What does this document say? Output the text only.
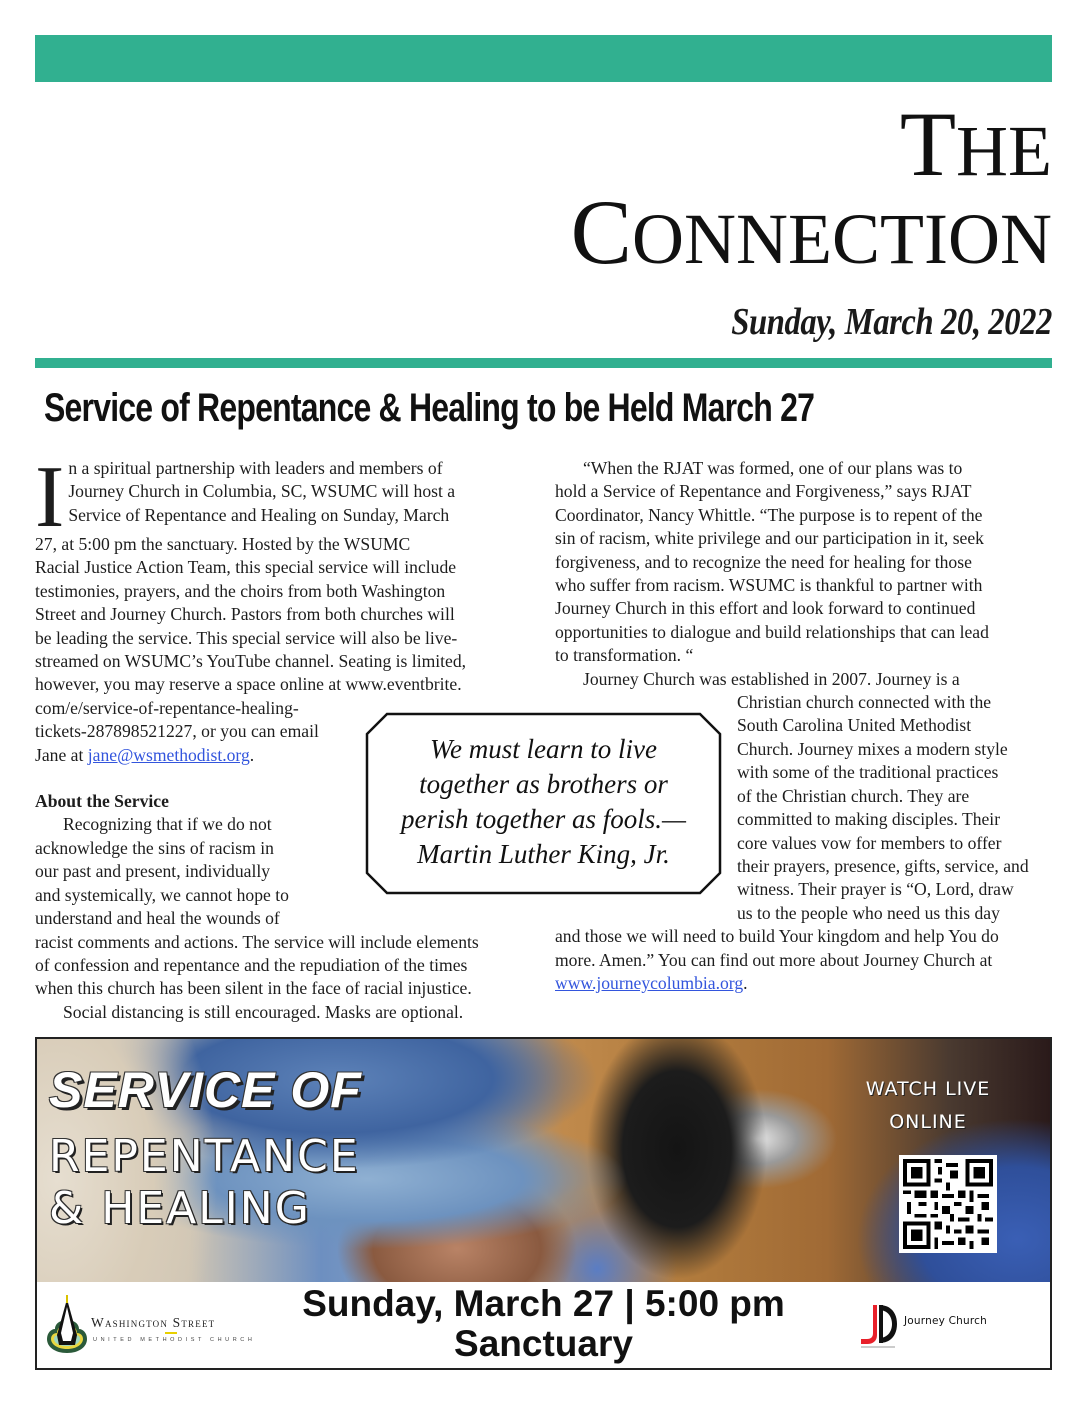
THE
CONNECTION
Sunday, March 20, 2022
Service of Repentance & Healing to be Held March 27
I n a spiritual partnership with leaders and members of
Journey Church in Columbia, SC, WSUMC will host a
Service of Repentance and Healing on Sunday, March
27, at 5:00 pm the sanctuary. Hosted by the WSUMC
Racial Justice Action Team, this special service will include
testimonies, prayers, and the choirs from both Washington
Street and Journey Church. Pastors from both churches will
be leading the service. This special service will also be live-
streamed on WSUMC’s YouTube channel. Seating is limited,
however, you may reserve a space online at www.eventbrite.
com/e/service-of-repentance-healing-
tickets-287898521227, or you can email
Jane at jane@wsmethodist.org.
About the Service
Recognizing that if we do not
acknowledge the sins of racism in
our past and present, individually
and systemically, we cannot hope to
understand and heal the wounds of
racist comments and actions. The service will include elements
of confession and repentance and the repudiation of the times
when this church has been silent in the face of racial injustice.
Social distancing is still encouraged. Masks are optional.
“When the RJAT was formed, one of our plans was to
hold a Service of Repentance and Forgiveness,” says RJAT
Coordinator, Nancy Whittle. “The purpose is to repent of the
sin of racism, white privilege and our participation in it, seek
forgiveness, and to recognize the need for healing for those
who suffer from racism. WSUMC is thankful to partner with
Journey Church in this effort and look forward to continued
opportunities to dialogue and build relationships that can lead
to transformation. “
Journey Church was established in 2007. Journey is a
Christian church connected with the
South Carolina United Methodist
Church. Journey mixes a modern style
with some of the traditional practices
of the Christian church. They are
committed to making disciples. Their
core values vow for members to offer
their prayers, presence, gifts, service, and
witness. Their prayer is “O, Lord, draw
us to the people who need us this day
and those we will need to build Your kingdom and help You do
more. Amen.” You can find out more about Journey Church at
www.journeycolumbia.org.
We must learn to live
together as brothers or
perish together as fools.—
Martin Luther King, Jr.
SERVICE OF
REPENTANCE
& HEALING
WATCH LIVE
ONLINE
Washington Street
UNITED METHODIST CHURCH
Sunday, March 27 | 5:00 pm
Sanctuary
Journey Church
